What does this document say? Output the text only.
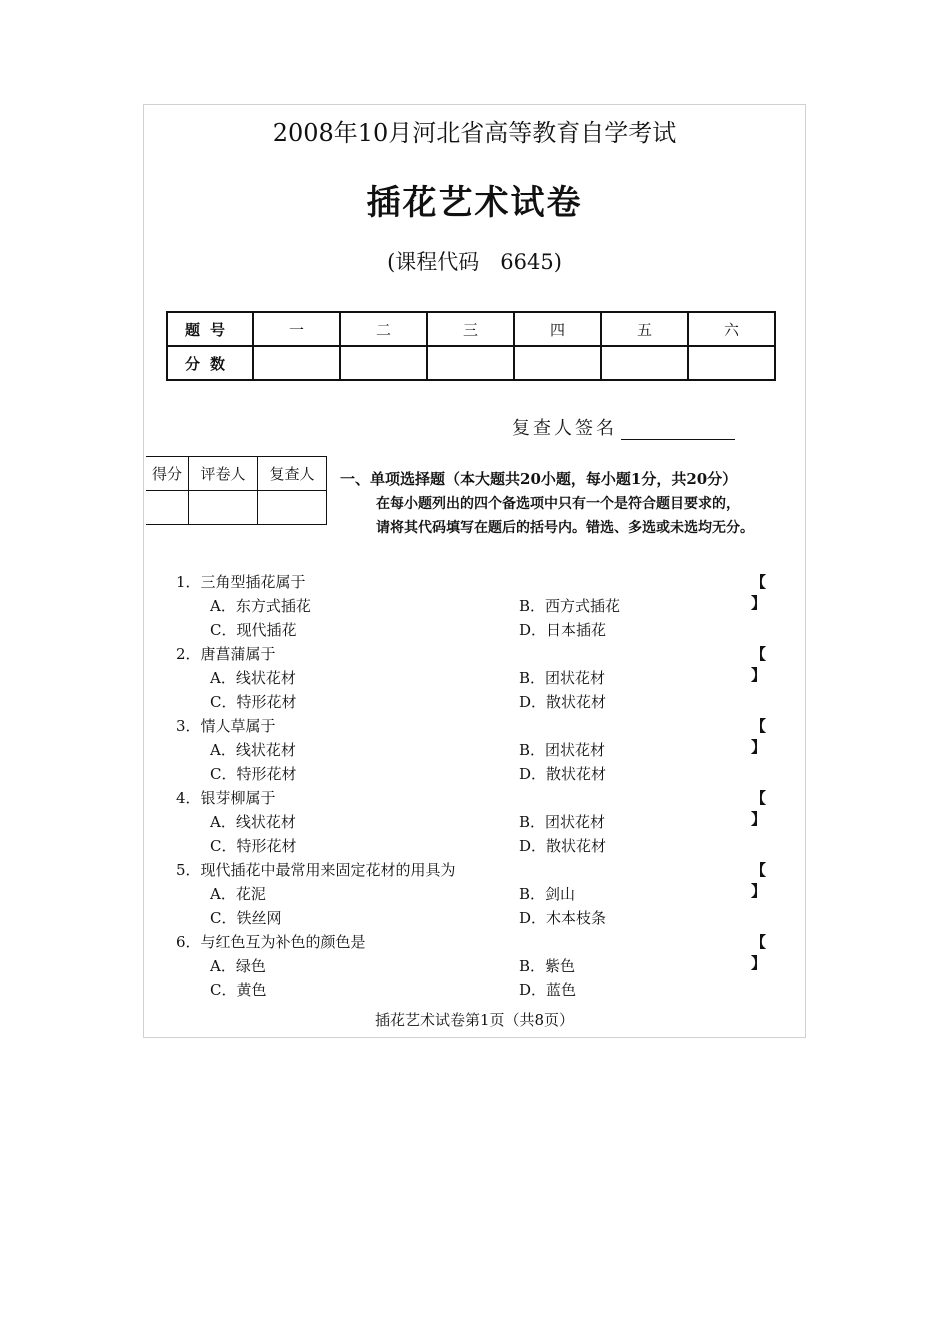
2008年10月河北省高等教育自学考试
插花艺术试卷
(课程代码　6645)
题号	一	二	三	四	五	六
分数						
复查人签名
得分	评卷人	复查人
		一、单项选择题（本大题共20小题，每小题1分，共20分）
在每小题列出的四个备选项中只有一个是符合题目要求的，
请将其代码填写在题后的括号内。错选、多选或未选均无分。
1．三角型插花属于	【 】
A．东方式插花	B．西方式插花
C．现代插花	D．日本插花
2．唐菖蒲属于	【 】
A．线状花材	B．团状花材
C．特形花材	D．散状花材
3．情人草属于	【 】
A．线状花材	B．团状花材
C．特形花材	D．散状花材
4．银芽柳属于	【 】
A．线状花材	B．团状花材
C．特形花材	D．散状花材
5．现代插花中最常用来固定花材的用具为	【 】
A．花泥	B．剑山
C．铁丝网	D．木本枝条
6．与红色互为补色的颜色是	【 】
A．绿色	B．紫色
C．黄色	D．蓝色
插花艺术试卷第1页（共8页）
